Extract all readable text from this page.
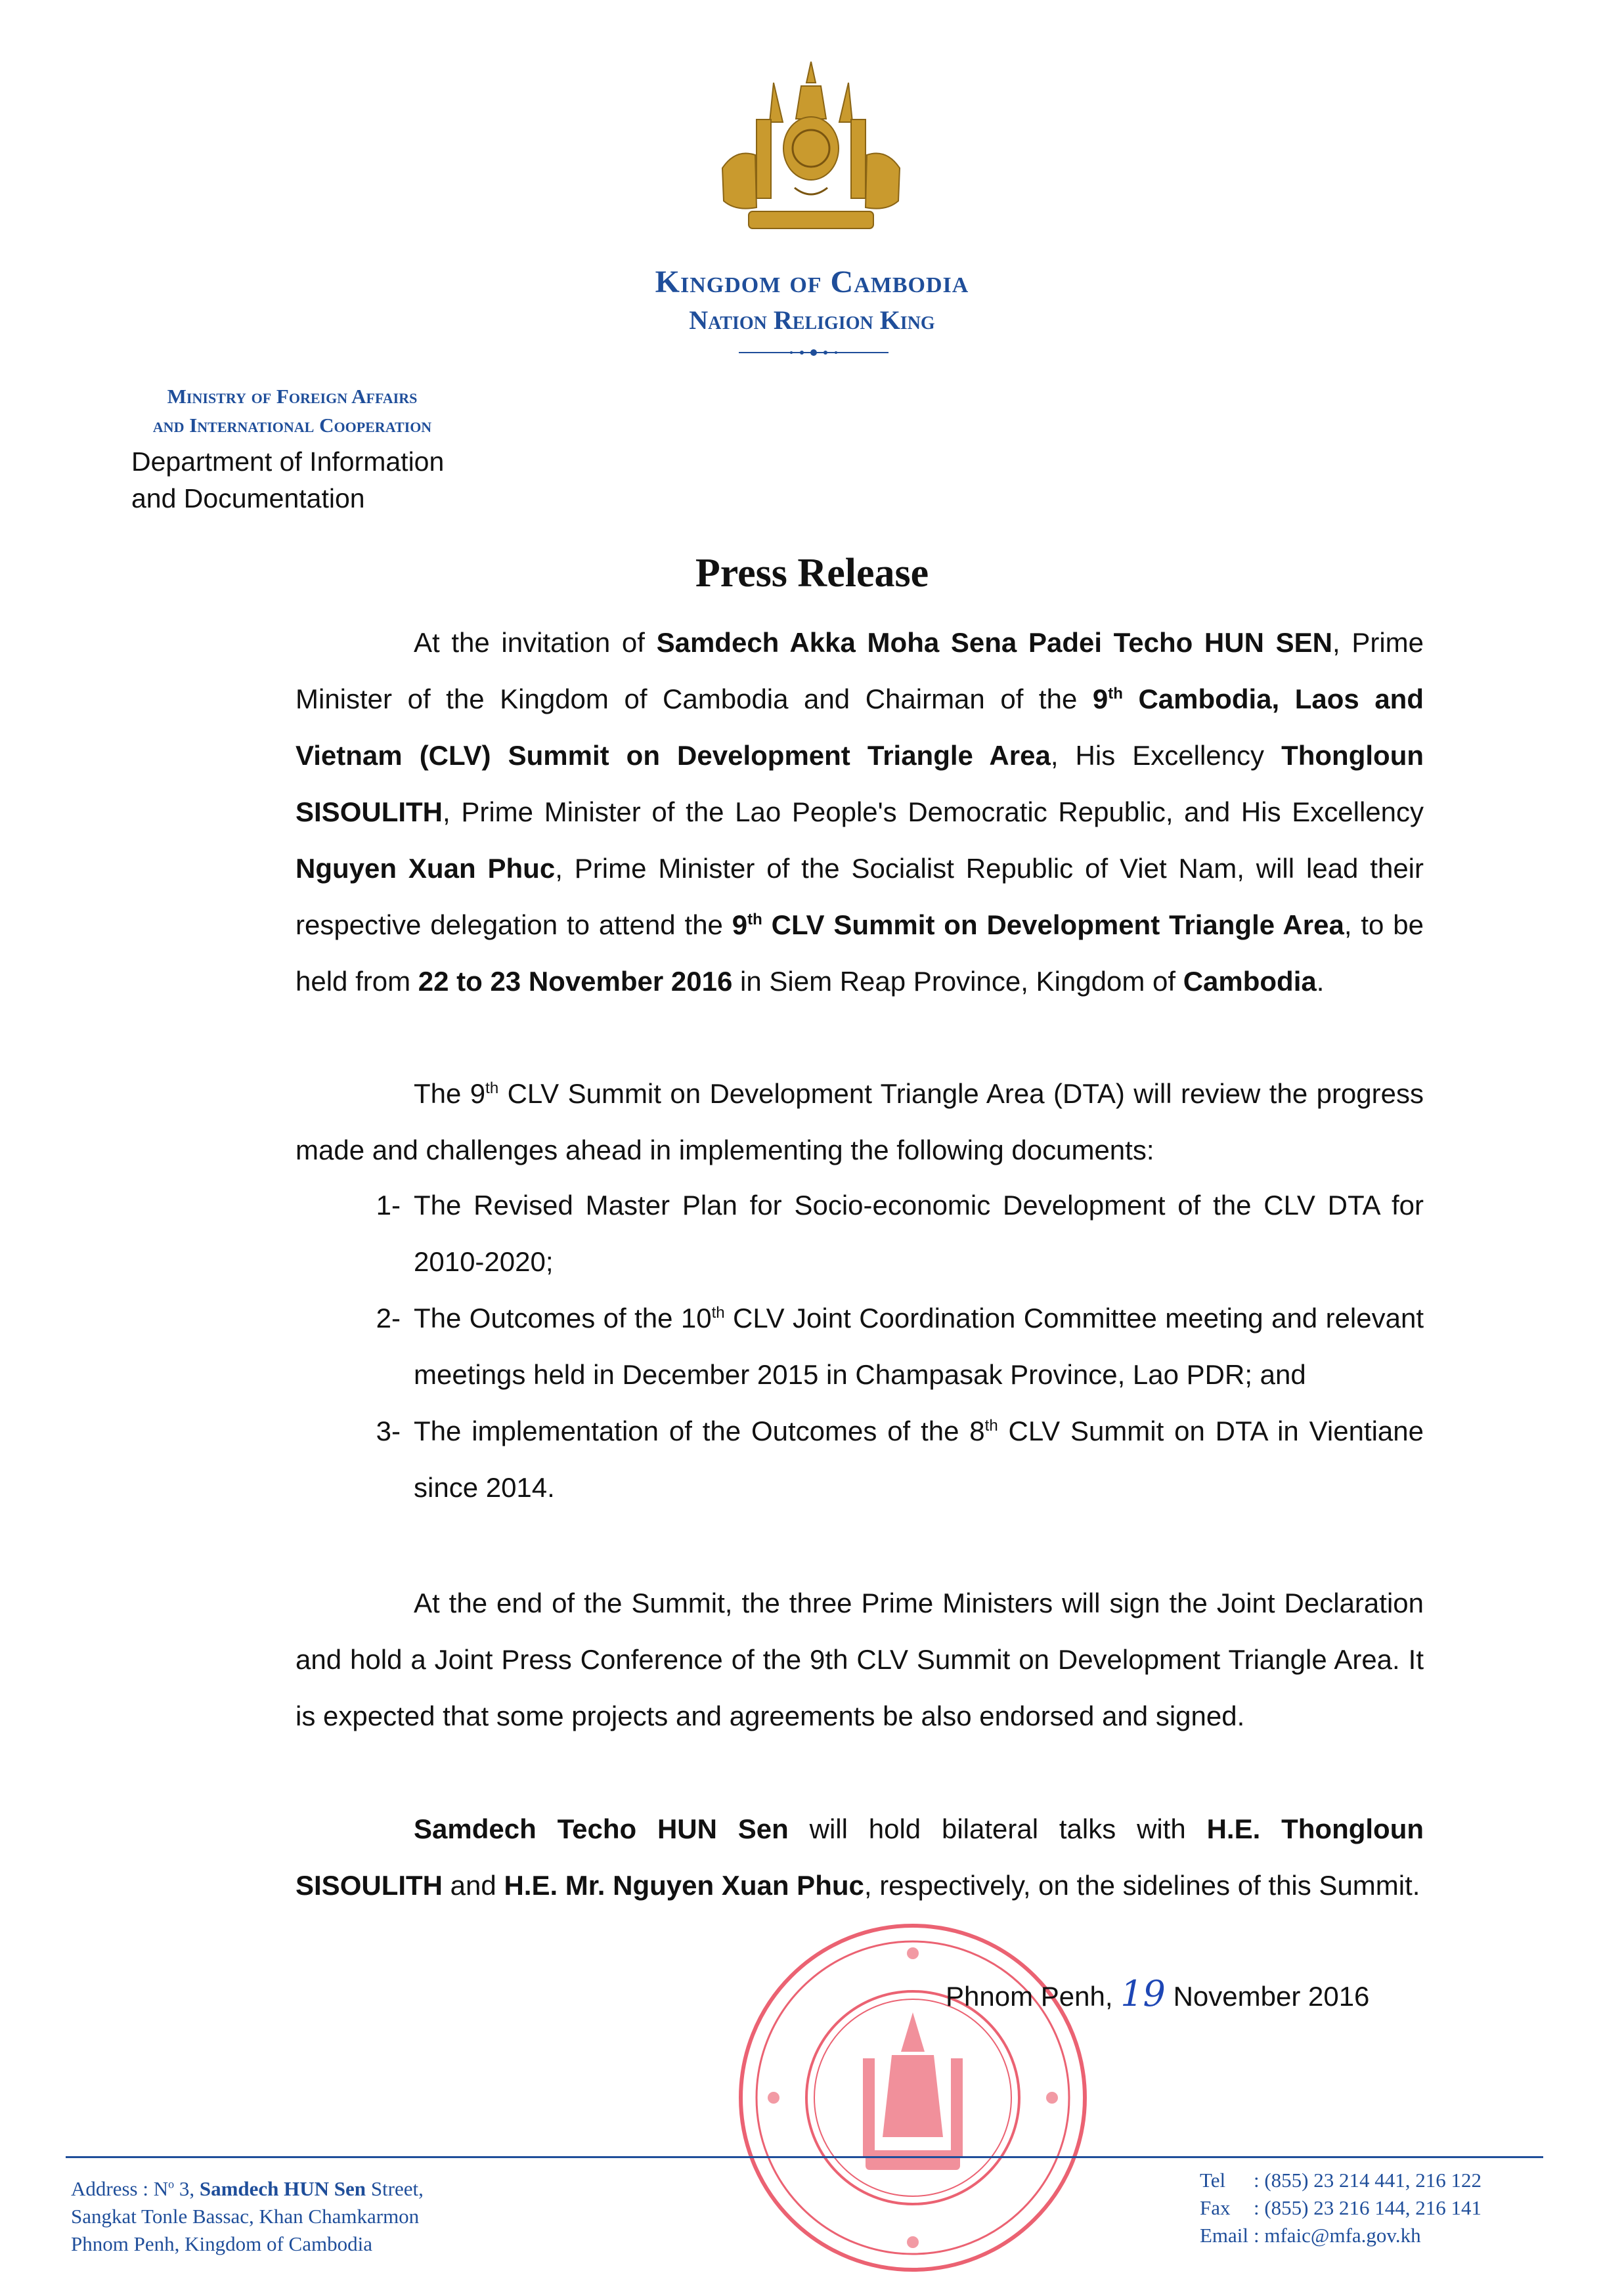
Kingdom of Cambodia
Nation Religion King
Ministry of Foreign Affairs
and International Cooperation
Department of Information
and Documentation
Press Release

At the invitation of Samdech Akka Moha Sena Padei Techo HUN SEN, Prime Minister of the Kingdom of Cambodia and Chairman of the 9th Cambodia, Laos and Vietnam (CLV) Summit on Development Triangle Area, His Excellency Thongloun SISOULITH, Prime Minister of the Lao People's Democratic Republic, and His Excellency Nguyen Xuan Phuc, Prime Minister of the Socialist Republic of Viet Nam, will lead their respective delegation to attend the 9th CLV Summit on Development Triangle Area, to be held from 22 to 23 November 2016 in Siem Reap Province, Kingdom of Cambodia.

The 9th CLV Summit on Development Triangle Area (DTA) will review the progress made and challenges ahead in implementing the following documents:

1- The Revised Master Plan for Socio-economic Development of the CLV DTA for 2010-2020;
2- The Outcomes of the 10th CLV Joint Coordination Committee meeting and relevant meetings held in December 2015 in Champasak Province, Lao PDR; and
3- The implementation of the Outcomes of the 8th CLV Summit on DTA in Vientiane since 2014.

At the end of the Summit, the three Prime Ministers will sign the Joint Declaration and hold a Joint Press Conference of the 9th CLV Summit on Development Triangle Area. It is expected that some projects and agreements be also endorsed and signed.

Samdech Techo HUN Sen will hold bilateral talks with H.E. Thongloun SISOULITH and H.E. Mr. Nguyen Xuan Phuc, respectively, on the sidelines of this Summit.

Phnom Penh, 19 November 2016
Address : $N^o$ 3, Samdech HUN Sen Street,
Sangkat Tonle Bassac, Khan Chamkarmon
Phnom Penh, Kingdom of Cambodia
Tel : (855) 23 214 441, 216 122
Fax : (855) 23 216 144, 216 141
Email : mfaic@mfa.gov.kh
